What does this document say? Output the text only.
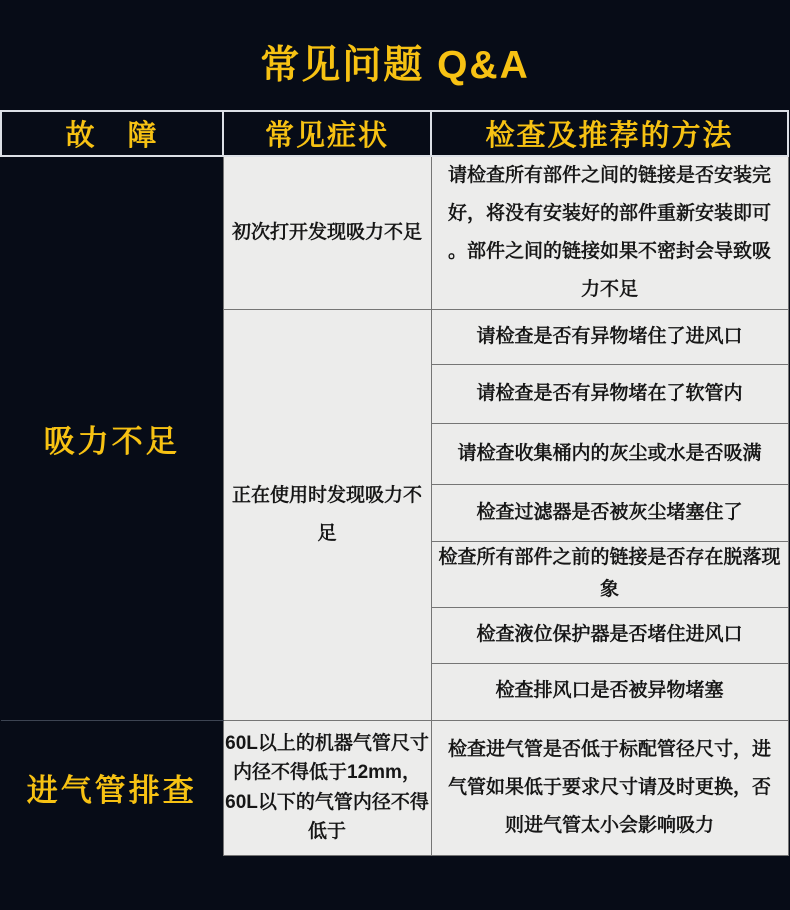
常见问题 Q&A
故　障	常见症状	检查及推荐的方法
吸力不足	初次打开发现吸力不足	请检查所有部件之间的链接是否安装完好，将没有安装好的部件重新安装即可。部件之间的链接如果不密封会导致吸力不足
	正在使用时发现吸力不足	请检查是否有异物堵住了进风口
		请检查是否有异物堵在了软管内
		请检查收集桶内的灰尘或水是否吸满
		检查过滤器是否被灰尘堵塞住了
		检查所有部件之前的链接是否存在脱落现象
		检查液位保护器是否堵住进风口
		检查排风口是否被异物堵塞
进气管排查	60L以上的机器气管尺寸内径不得低于12mm，60L以下的气管内径不得低于	检查进气管是否低于标配管径尺寸，进气管如果低于要求尺寸请及时更换，否则进气管太小会影响吸力
